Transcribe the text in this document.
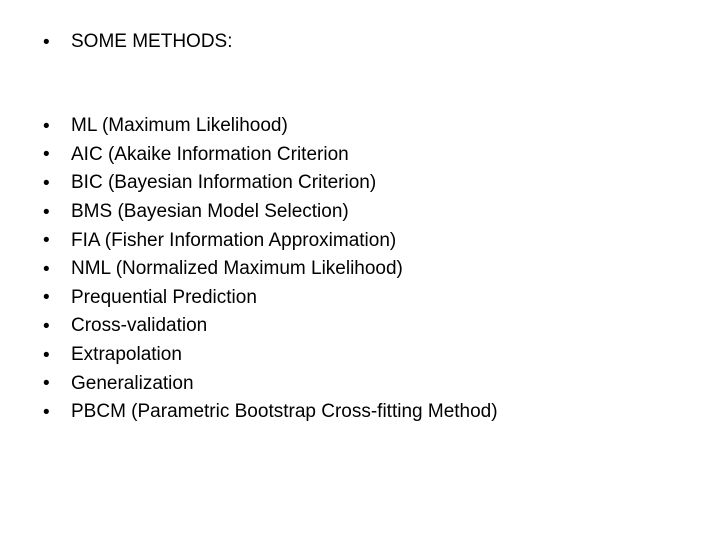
•	SOME METHODS:
•	ML (Maximum Likelihood)
•	AIC (Akaike Information Criterion
•	BIC (Bayesian Information Criterion)
•	BMS (Bayesian Model Selection)
•	FIA (Fisher Information Approximation)
•	NML (Normalized Maximum Likelihood)
•	Prequential Prediction
•	Cross-validation
•	Extrapolation
•	Generalization
•	PBCM (Parametric Bootstrap Cross-fitting Method)
